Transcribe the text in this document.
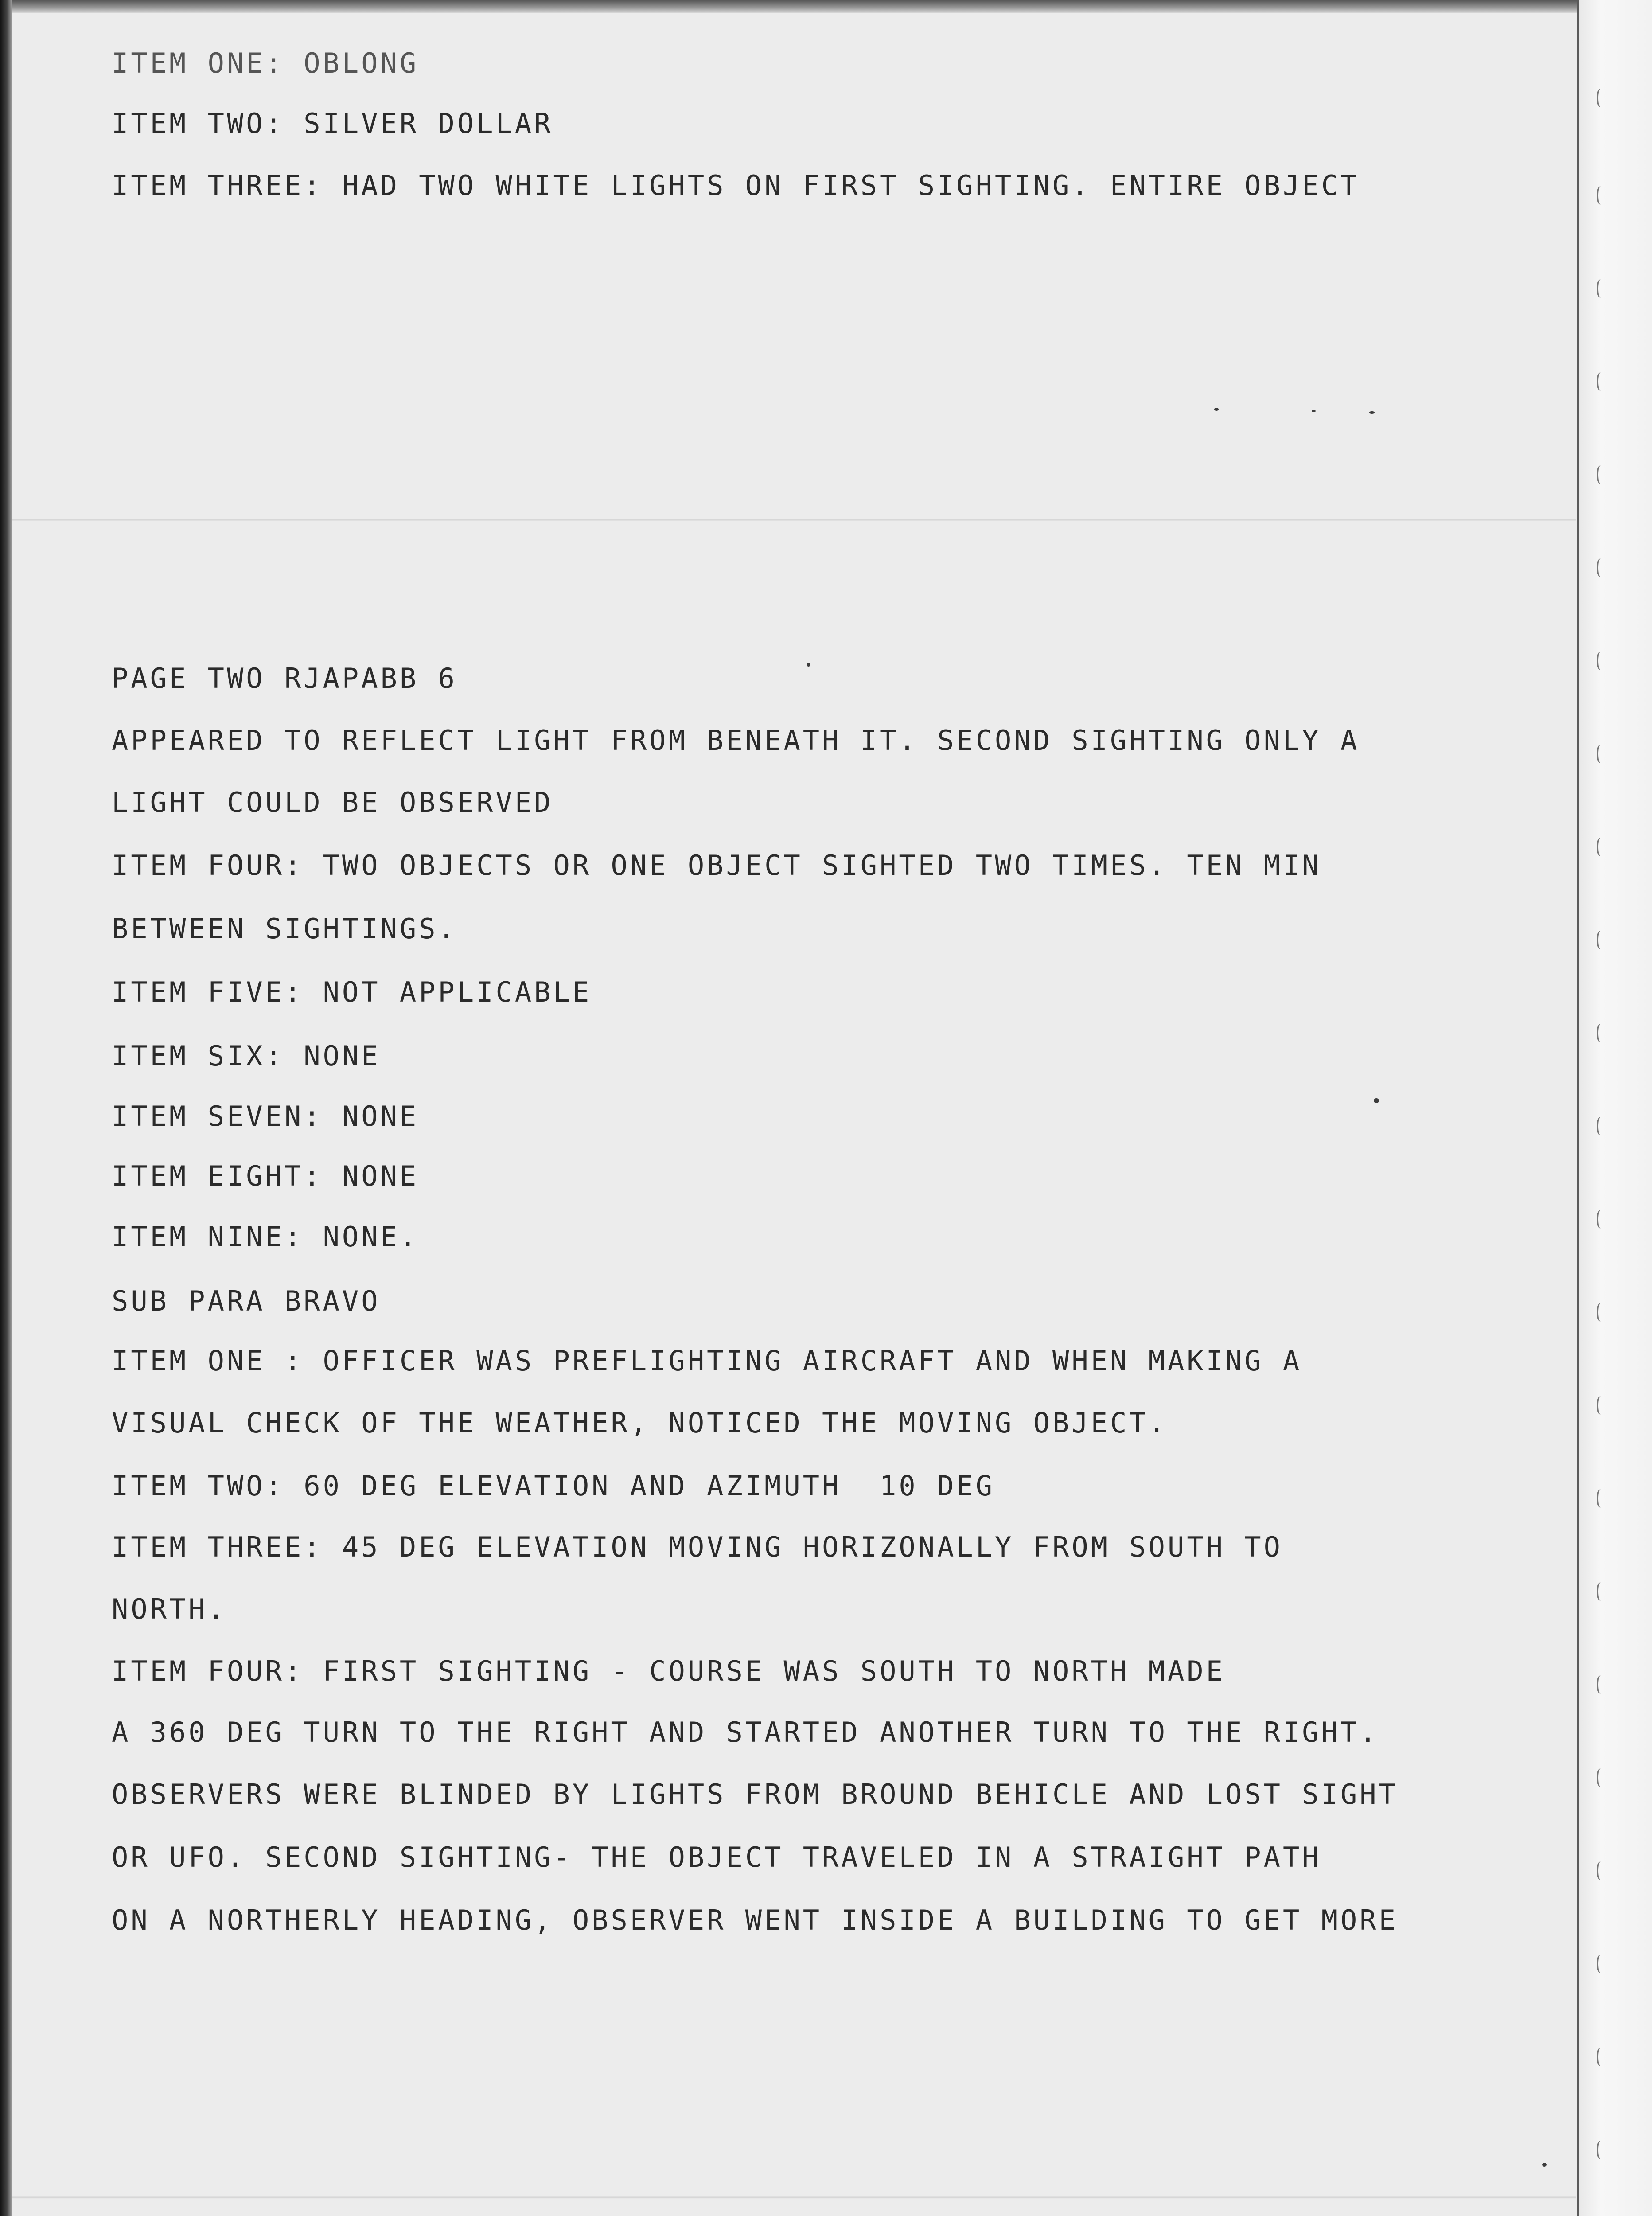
ITEM ONE: OBLONG
ITEM TWO: SILVER DOLLAR
ITEM THREE: HAD TWO WHITE LIGHTS ON FIRST SIGHTING. ENTIRE OBJECT
PAGE TWO RJAPABB 6
APPEARED TO REFLECT LIGHT FROM BENEATH IT. SECOND SIGHTING ONLY A
LIGHT COULD BE OBSERVED
ITEM FOUR: TWO OBJECTS OR ONE OBJECT SIGHTED TWO TIMES. TEN MIN
BETWEEN SIGHTINGS.
ITEM FIVE: NOT APPLICABLE
ITEM SIX: NONE
ITEM SEVEN: NONE
ITEM EIGHT: NONE
ITEM NINE: NONE.
SUB PARA BRAVO
ITEM ONE : OFFICER WAS PREFLIGHTING AIRCRAFT AND WHEN MAKING A
VISUAL CHECK OF THE WEATHER, NOTICED THE MOVING OBJECT.
ITEM TWO: 60 DEG ELEVATION AND AZIMUTH  10 DEG
ITEM THREE: 45 DEG ELEVATION MOVING HORIZONALLY FROM SOUTH TO
NORTH.
ITEM FOUR: FIRST SIGHTING - COURSE WAS SOUTH TO NORTH MADE
A 360 DEG TURN TO THE RIGHT AND STARTED ANOTHER TURN TO THE RIGHT.
OBSERVERS WERE BLINDED BY LIGHTS FROM BROUND BEHICLE AND LOST SIGHT
OR UFO. SECOND SIGHTING- THE OBJECT TRAVELED IN A STRAIGHT PATH
ON A NORTHERLY HEADING, OBSERVER WENT INSIDE A BUILDING TO GET MORE
